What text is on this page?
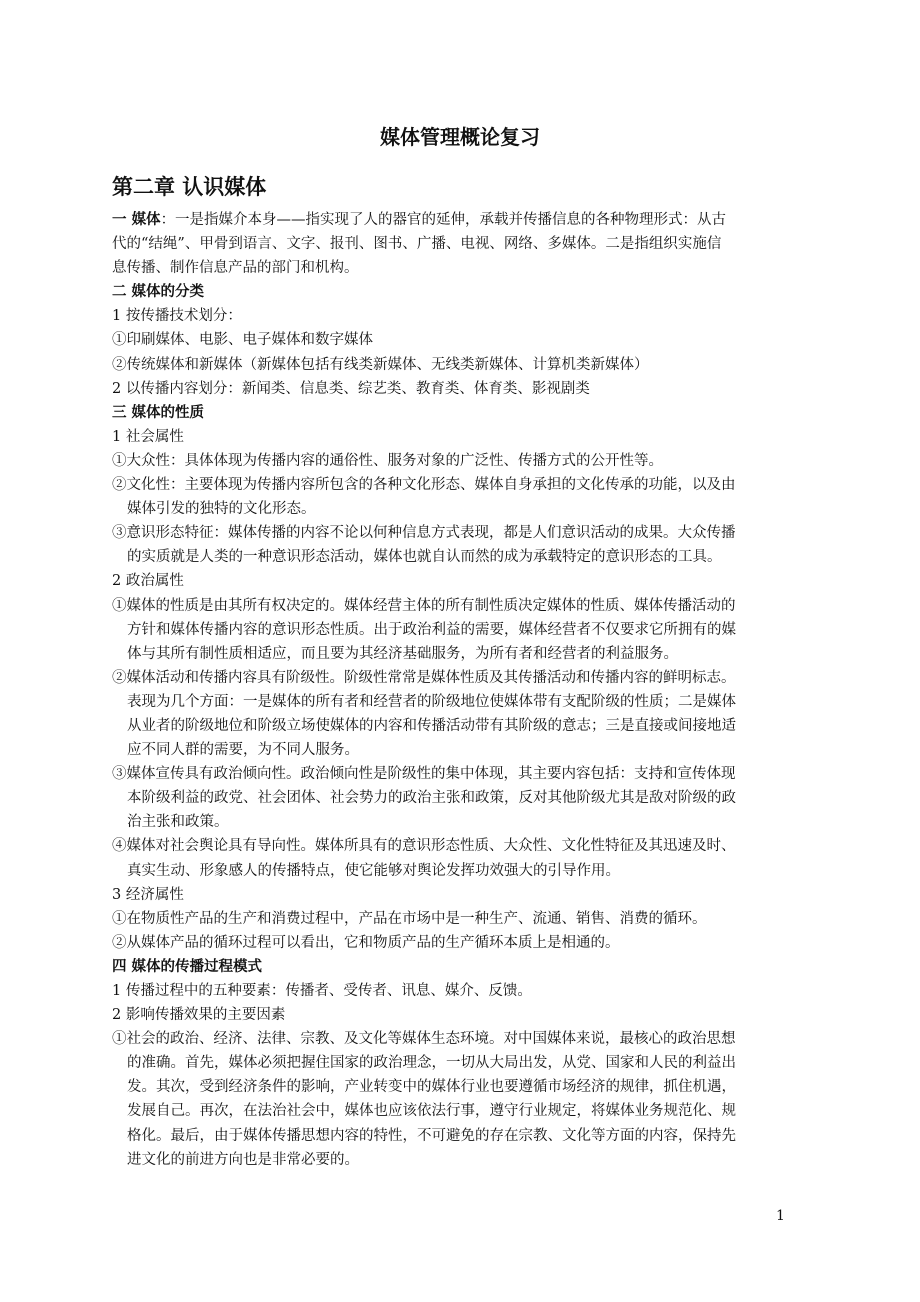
媒体管理概论复习
第二章 认识媒体
一 媒体：一是指媒介本身——指实现了人的器官的延伸，承载并传播信息的各种物理形式：从古
代的“结绳”、甲骨到语言、文字、报刊、图书、广播、电视、网络、多媒体。二是指组织实施信
息传播、制作信息产品的部门和机构。
二 媒体的分类
1 按传播技术划分：
①印刷媒体、电影、电子媒体和数字媒体
②传统媒体和新媒体（新媒体包括有线类新媒体、无线类新媒体、计算机类新媒体）
2 以传播内容划分：新闻类、信息类、综艺类、教育类、体育类、影视剧类
三 媒体的性质
1 社会属性
①大众性：具体体现为传播内容的通俗性、服务对象的广泛性、传播方式的公开性等。
②文化性：主要体现为传播内容所包含的各种文化形态、媒体自身承担的文化传承的功能，以及由
媒体引发的独特的文化形态。
③意识形态特征：媒体传播的内容不论以何种信息方式表现，都是人们意识活动的成果。大众传播
的实质就是人类的一种意识形态活动，媒体也就自认而然的成为承载特定的意识形态的工具。
2 政治属性
①媒体的性质是由其所有权决定的。媒体经营主体的所有制性质决定媒体的性质、媒体传播活动的
方针和媒体传播内容的意识形态性质。出于政治利益的需要，媒体经营者不仅要求它所拥有的媒
体与其所有制性质相适应，而且要为其经济基础服务，为所有者和经营者的利益服务。
②媒体活动和传播内容具有阶级性。阶级性常常是媒体性质及其传播活动和传播内容的鲜明标志。
表现为几个方面：一是媒体的所有者和经营者的阶级地位使媒体带有支配阶级的性质；二是媒体
从业者的阶级地位和阶级立场使媒体的内容和传播活动带有其阶级的意志；三是直接或间接地适
应不同人群的需要，为不同人服务。
③媒体宣传具有政治倾向性。政治倾向性是阶级性的集中体现，其主要内容包括：支持和宣传体现
本阶级利益的政党、社会团体、社会势力的政治主张和政策，反对其他阶级尤其是敌对阶级的政
治主张和政策。
④媒体对社会舆论具有导向性。媒体所具有的意识形态性质、大众性、文化性特征及其迅速及时、
真实生动、形象感人的传播特点，使它能够对舆论发挥功效强大的引导作用。
3 经济属性
①在物质性产品的生产和消费过程中，产品在市场中是一种生产、流通、销售、消费的循环。
②从媒体产品的循环过程可以看出，它和物质产品的生产循环本质上是相通的。
四 媒体的传播过程模式
1 传播过程中的五种要素：传播者、受传者、讯息、媒介、反馈。
2 影响传播效果的主要因素
①社会的政治、经济、法律、宗教、及文化等媒体生态环境。对中国媒体来说，最核心的政治思想
的准确。首先，媒体必须把握住国家的政治理念，一切从大局出发，从党、国家和人民的利益出
发。其次，受到经济条件的影响，产业转变中的媒体行业也要遵循市场经济的规律，抓住机遇，
发展自己。再次，在法治社会中，媒体也应该依法行事，遵守行业规定，将媒体业务规范化、规
格化。最后，由于媒体传播思想内容的特性，不可避免的存在宗教、文化等方面的内容，保持先
进文化的前进方向也是非常必要的。
1
